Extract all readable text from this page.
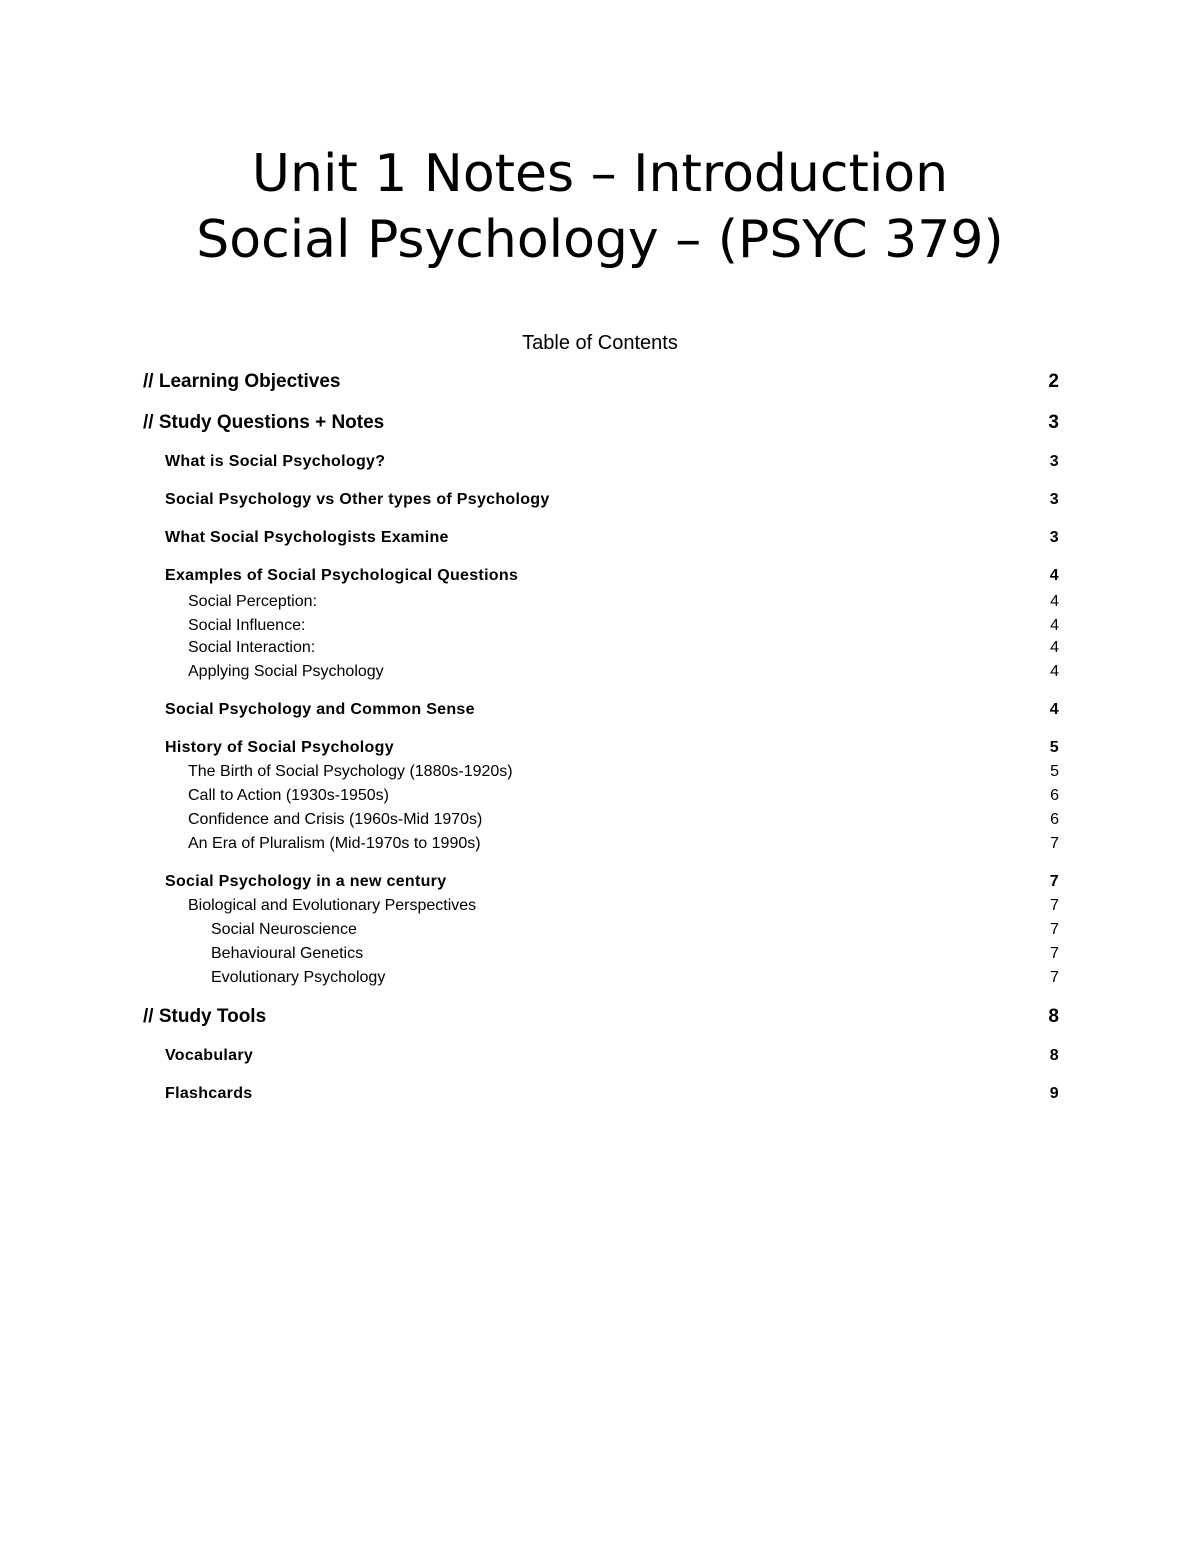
Unit 1 Notes – Introduction
Social Psychology – (PSYC 379)
Table of Contents
// Learning Objectives	2
// Study Questions + Notes	3
What is Social Psychology?	3
Social Psychology vs Other types of Psychology	3
What Social Psychologists Examine	3
Examples of Social Psychological Questions	4
Social Perception:	4
Social Influence:	4
Social Interaction:	4
Applying Social Psychology	4
Social Psychology and Common Sense	4
History of Social Psychology	5
The Birth of Social Psychology (1880s-1920s)	5
Call to Action (1930s-1950s)	6
Confidence and Crisis (1960s-Mid 1970s)	6
An Era of Pluralism (Mid-1970s to 1990s)	7
Social Psychology in a new century	7
Biological and Evolutionary Perspectives	7
Social Neuroscience	7
Behavioural Genetics	7
Evolutionary Psychology	7
// Study Tools	8
Vocabulary	8
Flashcards	9
